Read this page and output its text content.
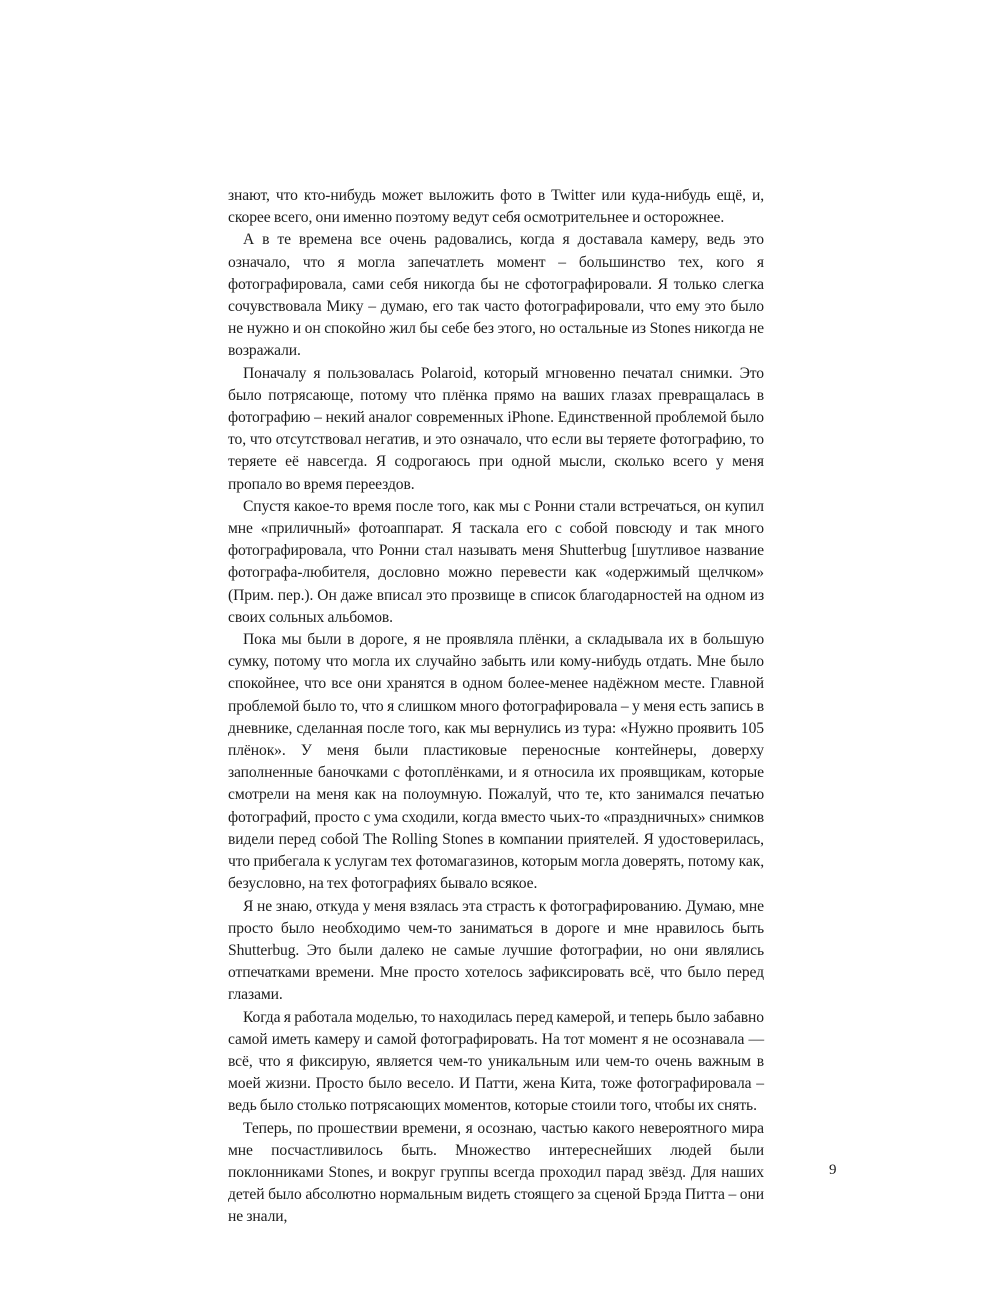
знают, что кто-нибудь может выложить фото в Twitter или куда-нибудь ещё, и, скорее всего, они именно поэтому ведут себя осмотрительнее и осторожнее.

А в те времена все очень радовались, когда я доставала камеру, ведь это означало, что я могла запечатлеть момент – большинство тех, кого я фотографировала, сами себя никогда бы не сфотографировали. Я только слегка сочувствовала Мику – думаю, его так часто фотографировали, что ему это было не нужно и он спокойно жил бы себе без этого, но остальные из Stones никогда не возражали.

Поначалу я пользовалась Polaroid, который мгновенно печатал снимки. Это было потрясающе, потому что плёнка прямо на ваших глазах превращалась в фотографию – некий аналог современных iPhone. Единственной проблемой было то, что отсутствовал негатив, и это означало, что если вы теряете фотографию, то теряете её навсегда. Я содрогаюсь при одной мысли, сколько всего у меня пропало во время переездов.

Спустя какое-то время после того, как мы с Ронни стали встречаться, он купил мне «приличный» фотоаппарат. Я таскала его с собой повсюду и так много фотографировала, что Ронни стал называть меня Shutterbug [шутливое название фотографа-любителя, дословно можно перевести как «одержимый щелчком» (Прим. пер.). Он даже вписал это прозвище в список благодарностей на одном из своих сольных альбомов.

Пока мы были в дороге, я не проявляла плёнки, а складывала их в большую сумку, потому что могла их случайно забыть или кому-нибудь отдать. Мне было спокойнее, что все они хранятся в одном более-менее надёжном месте. Главной проблемой было то, что я слишком много фотографировала – у меня есть запись в дневнике, сделанная после того, как мы вернулись из тура: «Нужно проявить 105 плёнок». У меня были пластиковые переносные контейнеры, доверху заполненные баночками с фотоплёнками, и я относила их проявщикам, которые смотрели на меня как на полоумную. Пожалуй, что те, кто занимался печатью фотографий, просто с ума сходили, когда вместо чьих-то «праздничных» снимков видели перед собой The Rolling Stones в компании приятелей. Я удостоверилась, что прибегала к услугам тех фотомагазинов, которым могла доверять, потому как, безусловно, на тех фотографиях бывало всякое.

Я не знаю, откуда у меня взялась эта страсть к фотографированию. Думаю, мне просто было необходимо чем-то заниматься в дороге и мне нравилось быть Shutterbug. Это были далеко не самые лучшие фотографии, но они являлись отпечатками времени. Мне просто хотелось зафиксировать всё, что было перед глазами.

Когда я работала моделью, то находилась перед камерой, и теперь было забавно самой иметь камеру и самой фотографировать. На тот момент я не осознавала — всё, что я фиксирую, является чем-то уникальным или чем-то очень важным в моей жизни. Просто было весело. И Патти, жена Кита, тоже фотографировала – ведь было столько потрясающих моментов, которые стоили того, чтобы их снять.

Теперь, по прошествии времени, я осознаю, частью какого невероятного мира мне посчастливилось быть. Множество интереснейших людей были поклонниками Stones, и вокруг группы всегда проходил парад звёзд. Для наших детей было абсолютно нормальным видеть стоящего за сценой Брэда Питта – они не знали,

9
